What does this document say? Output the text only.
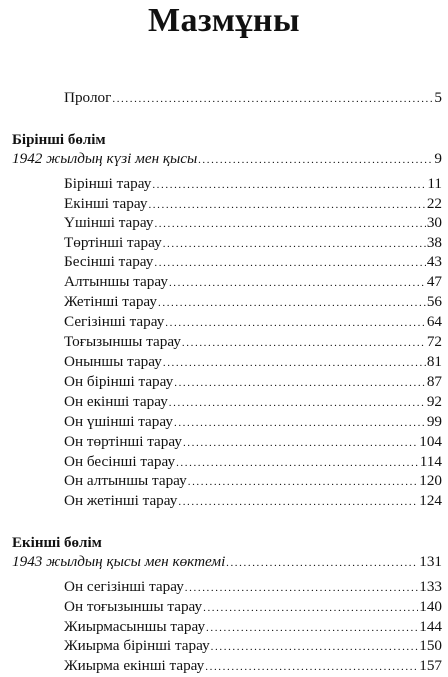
Мазмұны
Пролог .....	5
Бірінші бөлім
1942 жылдың күзі мен қысы .....	9
Бірінші тарау .....	11
Екінші тарау .....	22
Үшінші тарау .....	30
Төртінші тарау .....	38
Бесінші тарау .....	43
Алтыншы тарау .....	47
Жетінші тарау .....	56
Сегізінші тарау .....	64
Тоғызыншы тарау .....	72
Оныншы тарау .....	81
Он бірінші тарау .....	87
Он екінші тарау .....	92
Он үшінші тарау .....	99
Он төртінші тарау .....	104
Он бесінші тарау .....	114
Он алтыншы тарау .....	120
Он жетінші тарау .....	124
Екінші бөлім
1943 жылдың қысы мен көктемі .....	131
Он сегізінші тарау .....	133
Он тоғызыншы тарау .....	140
Жиырмасыншы тарау .....	144
Жиырма бірінші тарау .....	150
Жиырма екінші тарау .....	157
